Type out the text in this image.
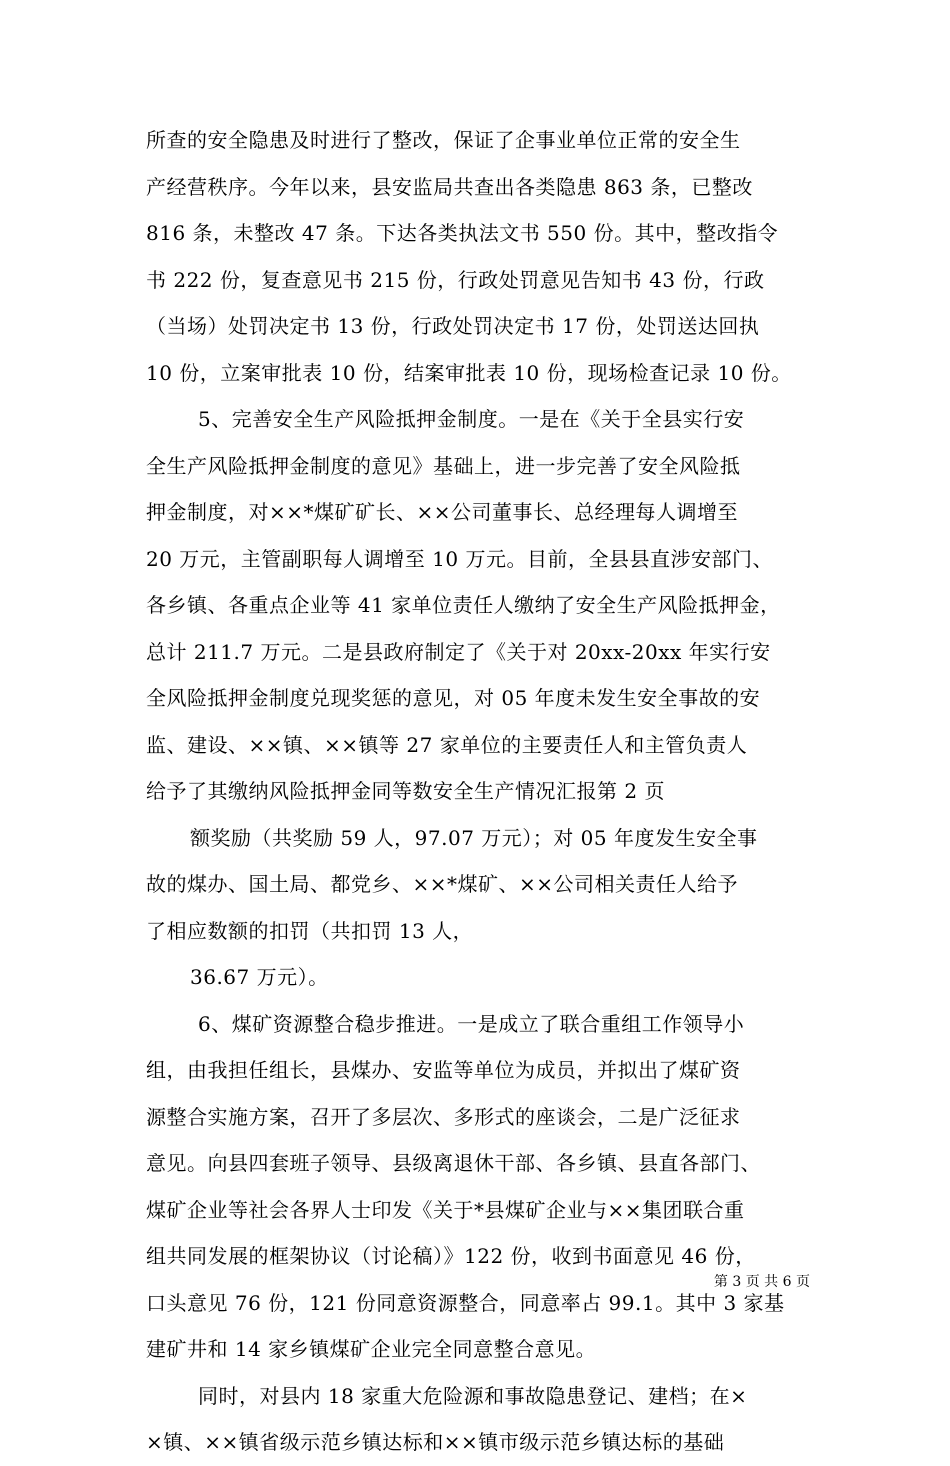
所查的安全隐患及时进行了整改，保证了企事业单位正常的安全生
产经营秩序。今年以来，县安监局共查出各类隐患 863 条，已整改
816 条，未整改 47 条。下达各类执法文书 550 份。其中，整改指令
书 222 份，复查意见书 215 份，行政处罚意见告知书 43 份，行政
（当场）处罚决定书 13 份，行政处罚决定书 17 份，处罚送达回执
10 份，立案审批表 10 份，结案审批表 10 份，现场检查记录 10 份。
5、完善安全生产风险抵押金制度。一是在《关于全县实行安
全生产风险抵押金制度的意见》基础上，进一步完善了安全风险抵
押金制度，对××*煤矿矿长、××公司董事长、总经理每人调增至
20 万元，主管副职每人调增至 10 万元。目前，全县县直涉安部门、
各乡镇、各重点企业等 41 家单位责任人缴纳了安全生产风险抵押金，
总计 211.7 万元。二是县政府制定了《关于对 20xx-20xx 年实行安
全风险抵押金制度兑现奖惩的意见，对 05 年度未发生安全事故的安
监、建设、××镇、××镇等 27 家单位的主要责任人和主管负责人
给予了其缴纳风险抵押金同等数安全生产情况汇报第 2 页
额奖励（共奖励 59 人，97.07 万元）；对 05 年度发生安全事
故的煤办、国土局、都党乡、××*煤矿、××公司相关责任人给予
了相应数额的扣罚（共扣罚 13 人，
36.67 万元）。
6、煤矿资源整合稳步推进。一是成立了联合重组工作领导小
组，由我担任组长，县煤办、安监等单位为成员，并拟出了煤矿资
源整合实施方案，召开了多层次、多形式的座谈会，二是广泛征求
意见。向县四套班子领导、县级离退休干部、各乡镇、县直各部门、
煤矿企业等社会各界人士印发《关于*县煤矿企业与××集团联合重
组共同发展的框架协议（讨论稿）》122 份，收到书面意见 46 份，
口头意见 76 份，121 份同意资源整合，同意率占 99.1。其中 3 家基
建矿井和 14 家乡镇煤矿企业完全同意整合意见。
同时，对县内 18 家重大危险源和事故隐患登记、建档；在×
×镇、××镇省级示范乡镇达标和××镇市级示范乡镇达标的基础
第 3 页 共 6 页
